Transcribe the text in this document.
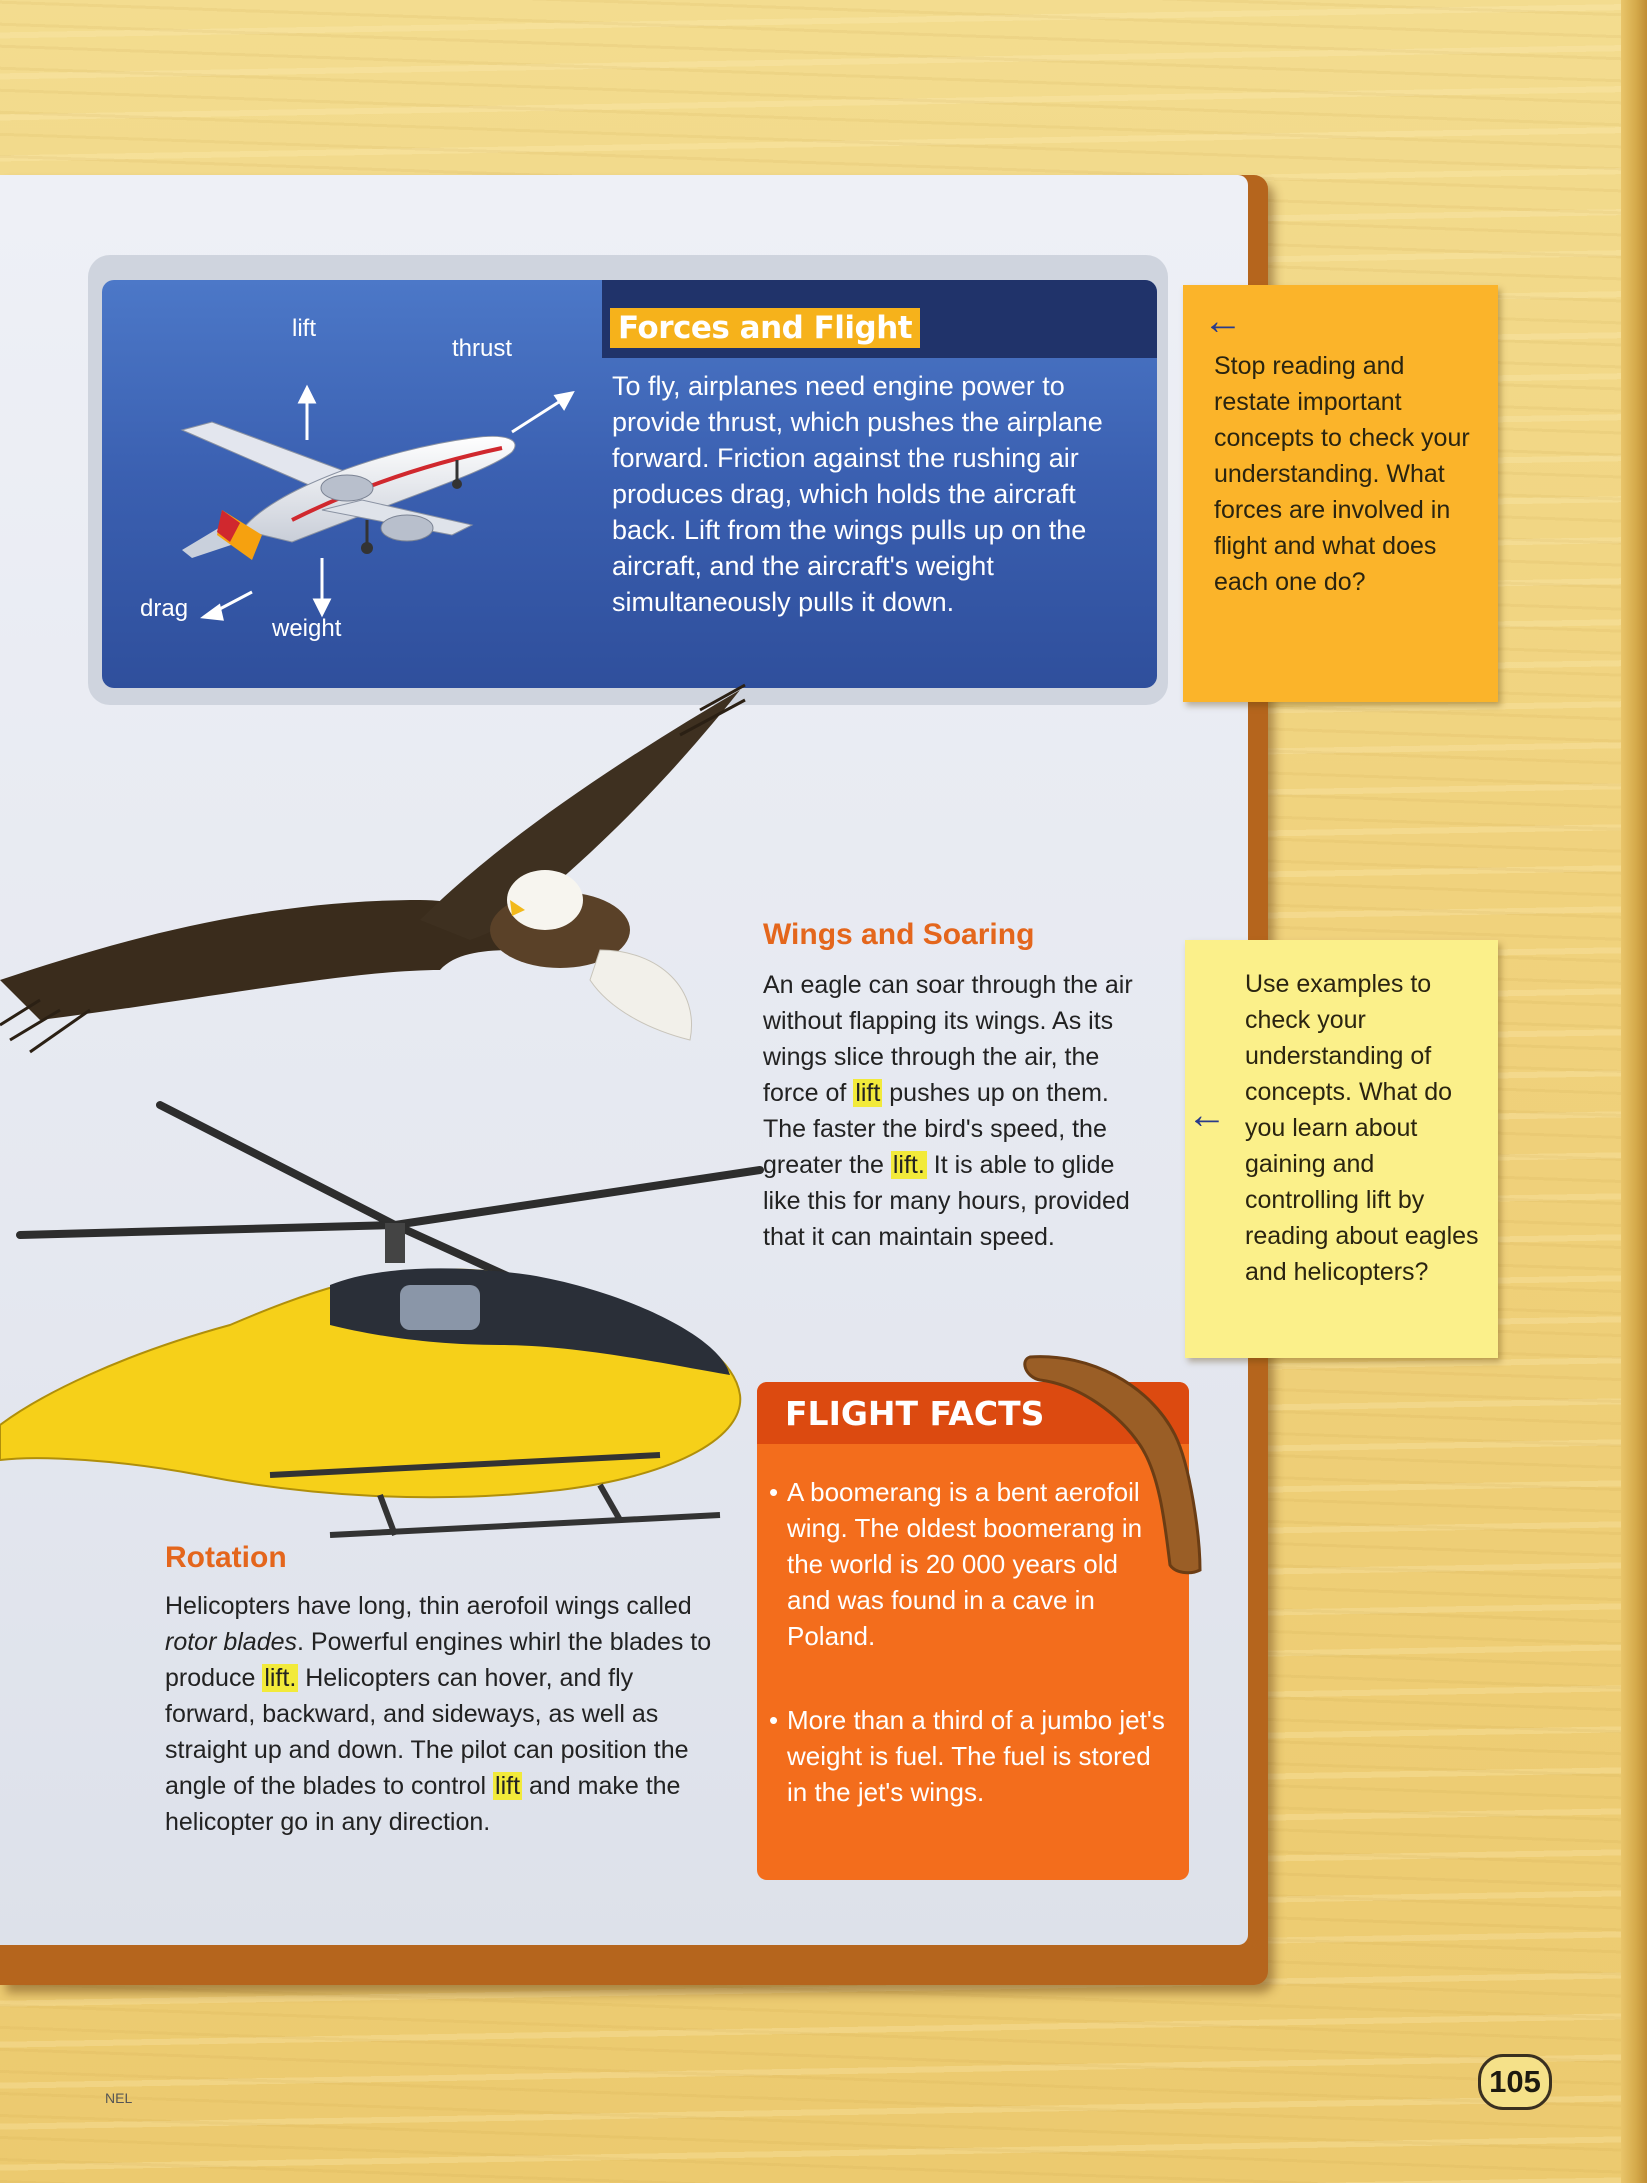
Forces and Flight
To fly, airplanes need engine power to provide thrust, which pushes the airplane forward. Friction against the rushing air produces drag, which holds the aircraft back. Lift from the wings pulls up on the aircraft, and the aircraft's weight simultaneously pulls it down.
lift
thrust
drag
weight
←
Stop reading and restate important concepts to check your understanding. What forces are involved in flight and what does each one do?
Wings and Soaring
An eagle can soar through the air without flapping its wings. As its wings slice through the air, the force of lift pushes up on them. The faster the bird's speed, the greater the lift. It is able to glide like this for many hours, provided that it can maintain speed.
←
Use examples to check your understanding of concepts. What do you learn about gaining and controlling lift by reading about eagles and helicopters?
Rotation
Helicopters have long, thin aerofoil wings called rotor blades. Powerful engines whirl the blades to produce lift. Helicopters can hover, and fly forward, backward, and sideways, as well as straight up and down. The pilot can position the angle of the blades to control lift and make the helicopter go in any direction.
FLIGHT FACTS
• A boomerang is a bent aerofoil wing. The oldest boomerang in the world is 20 000 years old and was found in a cave in Poland.
• More than a third of a jumbo jet's weight is fuel. The fuel is stored in the jet's wings.
NEL	105
